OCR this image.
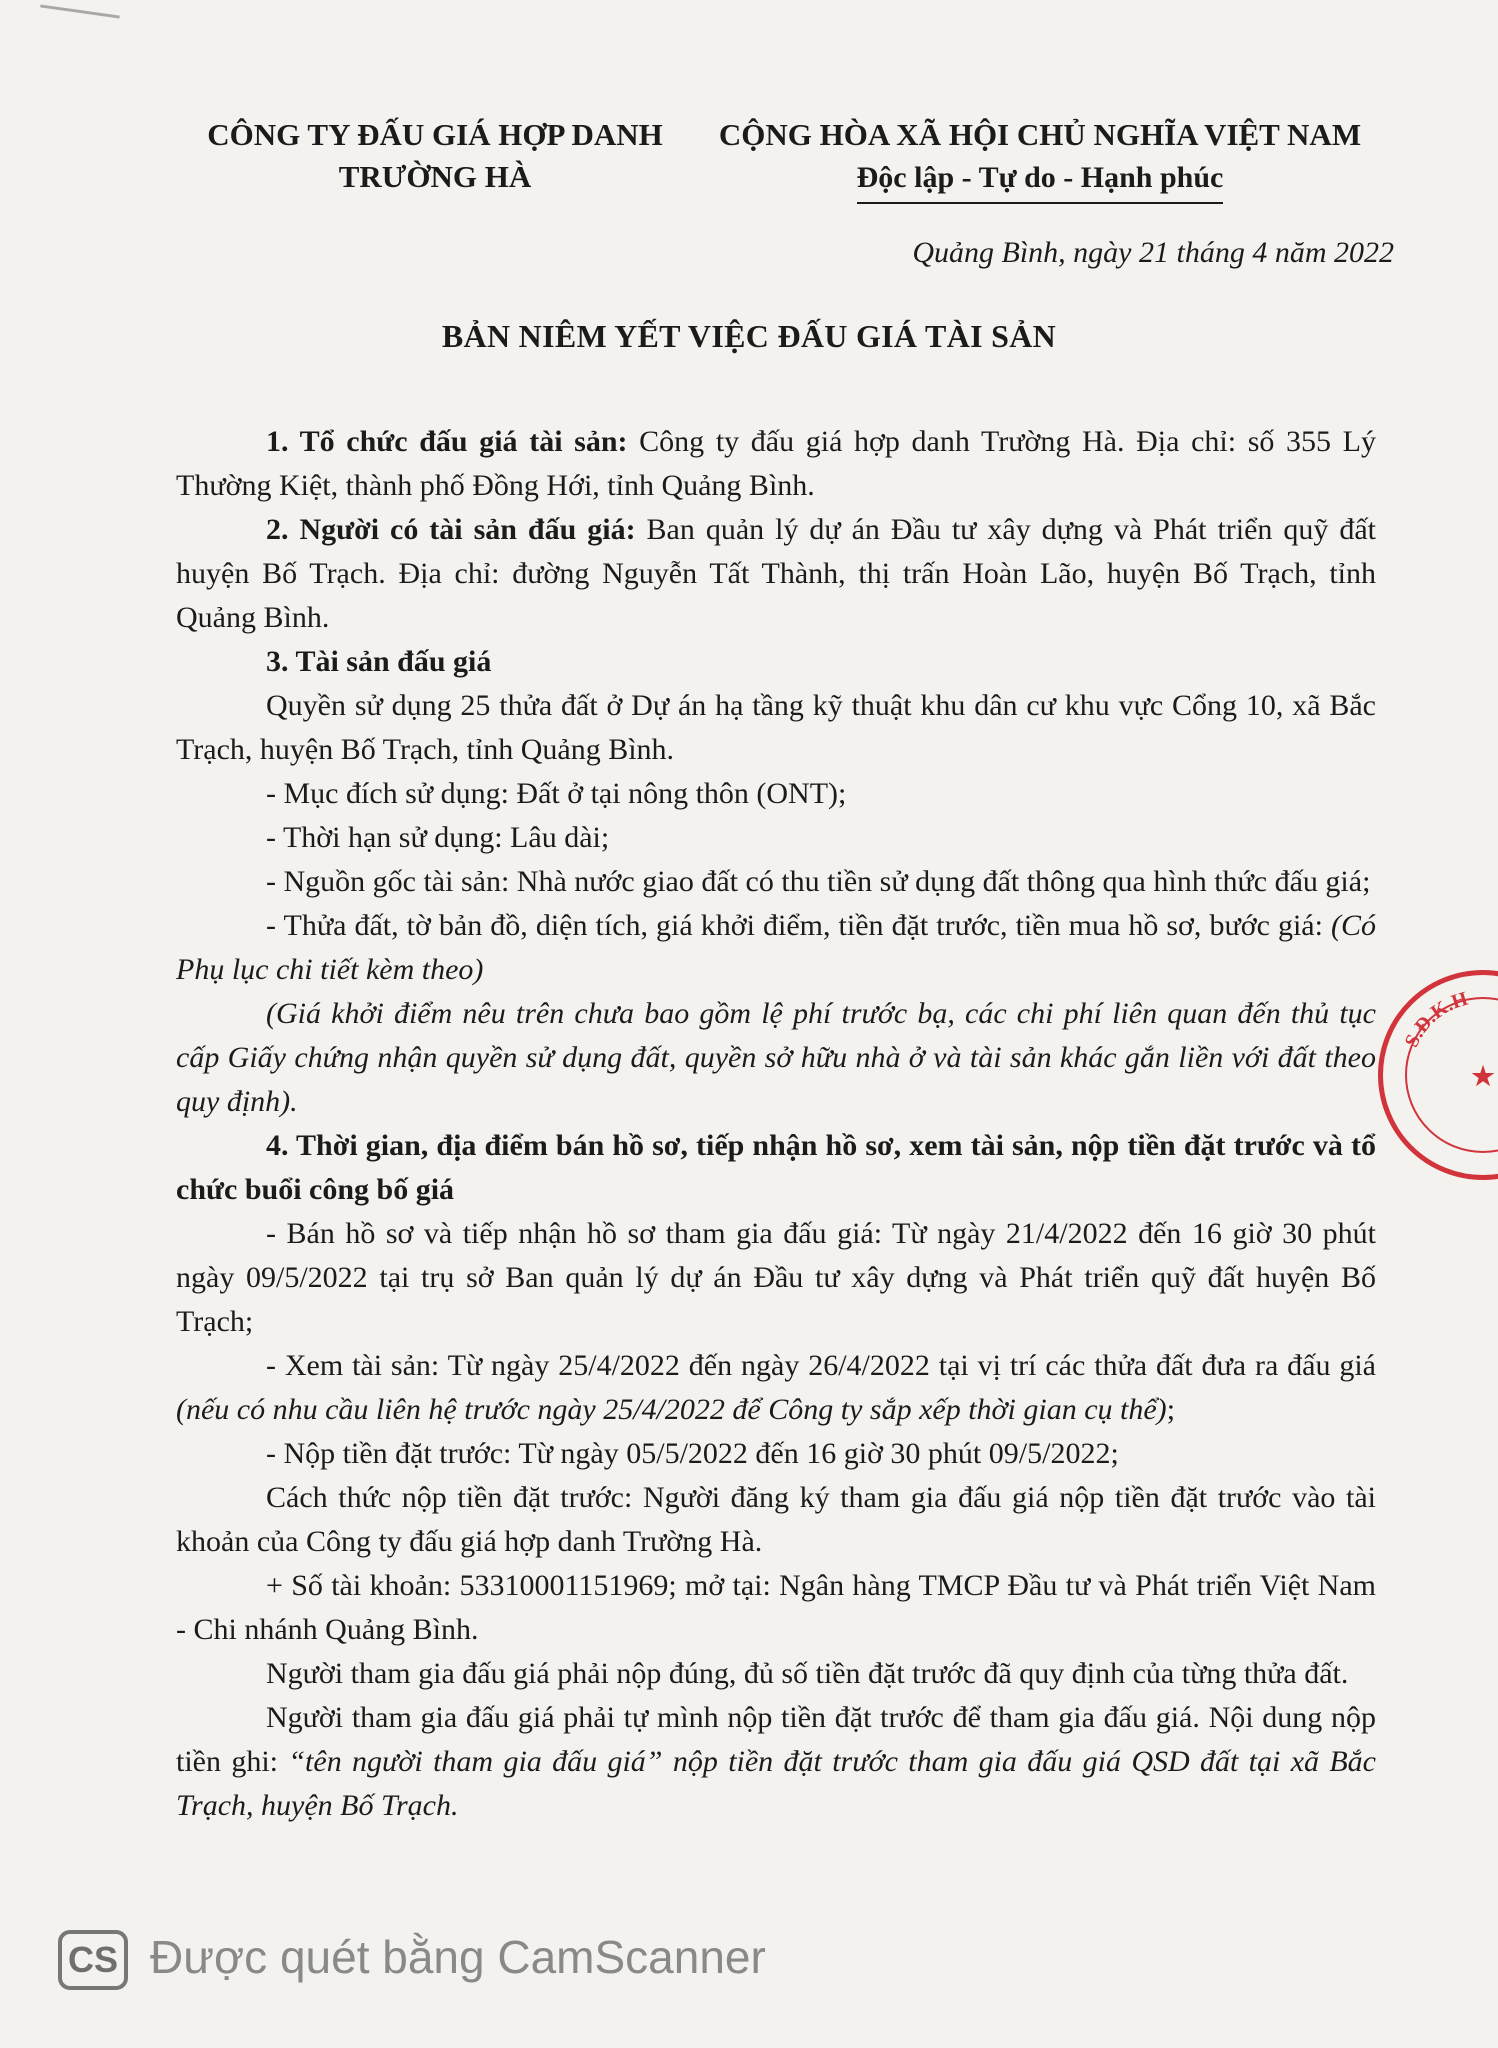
CÔNG TY ĐẤU GIÁ HỢP DANH
TRƯỜNG HÀ
CỘNG HÒA XÃ HỘI CHỦ NGHĨA VIỆT NAM
Độc lập - Tự do - Hạnh phúc
Quảng Bình, ngày 21 tháng 4 năm 2022
BẢN NIÊM YẾT VIỆC ĐẤU GIÁ TÀI SẢN

1. Tổ chức đấu giá tài sản: Công ty đấu giá hợp danh Trường Hà. Địa chỉ: số 355 Lý Thường Kiệt, thành phố Đồng Hới, tỉnh Quảng Bình.

2. Người có tài sản đấu giá: Ban quản lý dự án Đầu tư xây dựng và Phát triển quỹ đất huyện Bố Trạch. Địa chỉ: đường Nguyễn Tất Thành, thị trấn Hoàn Lão, huyện Bố Trạch, tỉnh Quảng Bình.

3. Tài sản đấu giá

Quyền sử dụng 25 thửa đất ở Dự án hạ tầng kỹ thuật khu dân cư khu vực Cổng 10, xã Bắc Trạch, huyện Bố Trạch, tỉnh Quảng Bình.

- Mục đích sử dụng: Đất ở tại nông thôn (ONT);

- Thời hạn sử dụng: Lâu dài;

- Nguồn gốc tài sản: Nhà nước giao đất có thu tiền sử dụng đất thông qua hình thức đấu giá;

- Thửa đất, tờ bản đồ, diện tích, giá khởi điểm, tiền đặt trước, tiền mua hồ sơ, bước giá: (Có Phụ lục chi tiết kèm theo)

(Giá khởi điểm nêu trên chưa bao gồm lệ phí trước bạ, các chi phí liên quan đến thủ tục cấp Giấy chứng nhận quyền sử dụng đất, quyền sở hữu nhà ở và tài sản khác gắn liền với đất theo quy định).

4. Thời gian, địa điểm bán hồ sơ, tiếp nhận hồ sơ, xem tài sản, nộp tiền đặt trước và tổ chức buổi công bố giá

- Bán hồ sơ và tiếp nhận hồ sơ tham gia đấu giá: Từ ngày 21/4/2022 đến 16 giờ 30 phút ngày 09/5/2022 tại trụ sở Ban quản lý dự án Đầu tư xây dựng và Phát triển quỹ đất huyện Bố Trạch;

- Xem tài sản: Từ ngày 25/4/2022 đến ngày 26/4/2022 tại vị trí các thửa đất đưa ra đấu giá (nếu có nhu cầu liên hệ trước ngày 25/4/2022 để Công ty sắp xếp thời gian cụ thể);

- Nộp tiền đặt trước: Từ ngày 05/5/2022 đến 16 giờ 30 phút 09/5/2022;

Cách thức nộp tiền đặt trước: Người đăng ký tham gia đấu giá nộp tiền đặt trước vào tài khoản của Công ty đấu giá hợp danh Trường Hà.

+ Số tài khoản: 53310001151969; mở tại: Ngân hàng TMCP Đầu tư và Phát triển Việt Nam - Chi nhánh Quảng Bình.

Người tham gia đấu giá phải nộp đúng, đủ số tiền đặt trước đã quy định của từng thửa đất.

Người tham gia đấu giá phải tự mình nộp tiền đặt trước để tham gia đấu giá. Nội dung nộp tiền ghi: “tên người tham gia đấu giá” nộp tiền đặt trước tham gia đấu giá QSD đất tại xã Bắc Trạch, huyện Bố Trạch.

S.Đ.K.H
★
CS Được quét bằng CamScanner
